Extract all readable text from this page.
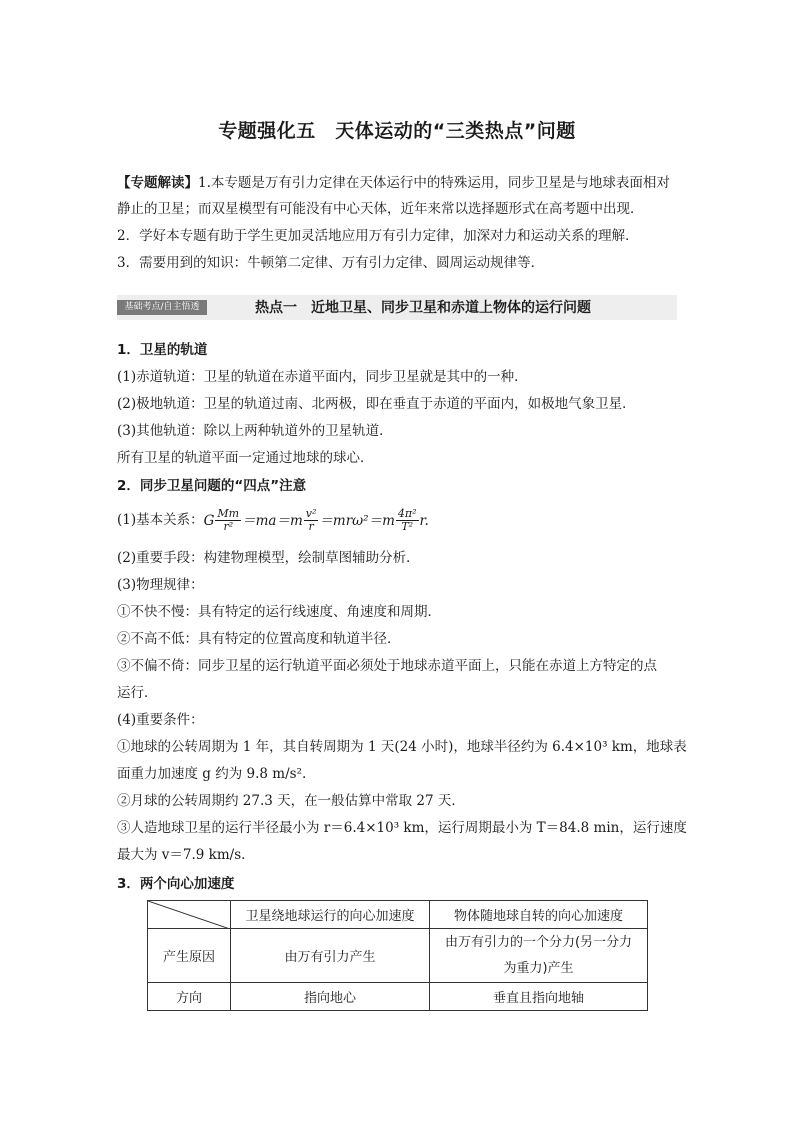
专题强化五　天体运动的“三类热点”问题
【专题解读】1.本专题是万有引力定律在天体运行中的特殊运用，同步卫星是与地球表面相对
静止的卫星；而双星模型有可能没有中心天体，近年来常以选择题形式在高考题中出现．
2．学好本专题有助于学生更加灵活地应用万有引力定律，加深对力和运动关系的理解．
3．需要用到的知识：牛顿第二定律、万有引力定律、圆周运动规律等．
基础考点/自主悟透	热点一　近地卫星、同步卫星和赤道上物体的运行问题
1．卫星的轨道
(1)赤道轨道：卫星的轨道在赤道平面内，同步卫星就是其中的一种．
(2)极地轨道：卫星的轨道过南、北两极，即在垂直于赤道的平面内，如极地气象卫星．
(3)其他轨道：除以上两种轨道外的卫星轨道．
所有卫星的轨道平面一定通过地球的球心．
2．同步卫星问题的“四点”注意
(1)基本关系： G $\frac{Mm}{\text{r²}} =ma=m \frac{\text{v²}}{r} =mr\omega^2=m \frac{\text{4π²}}{\text{T²}} r$.
(2)重要手段：构建物理模型，绘制草图辅助分析．
(3)物理规律：
①不快不慢：具有特定的运行线速度、角速度和周期．
②不高不低：具有特定的位置高度和轨道半径．
③不偏不倚：同步卫星的运行轨道平面必须处于地球赤道平面上，只能在赤道上方特定的点
运行．
(4)重要条件：
①地球的公转周期为 1 年，其自转周期为 1 天(24 小时)，地球半径约为 6.4×10³ km，地球表
面重力加速度 g 约为 9.8 m/s².
②月球的公转周期约 27.3 天，在一般估算中常取 27 天．
③人造地球卫星的运行半径最小为 r＝6.4×10³ km，运行周期最小为 T＝84.8 min，运行速度
最大为 v＝7.9 km/s.
3．两个向心加速度
	卫星绕地球运行的向心加速度	物体随地球自转的向心加速度
产生原因	由万有引力产生	由万有引力的一个分力(另一分力
为重力)产生

方向	指向地心	垂直且指向地轴
